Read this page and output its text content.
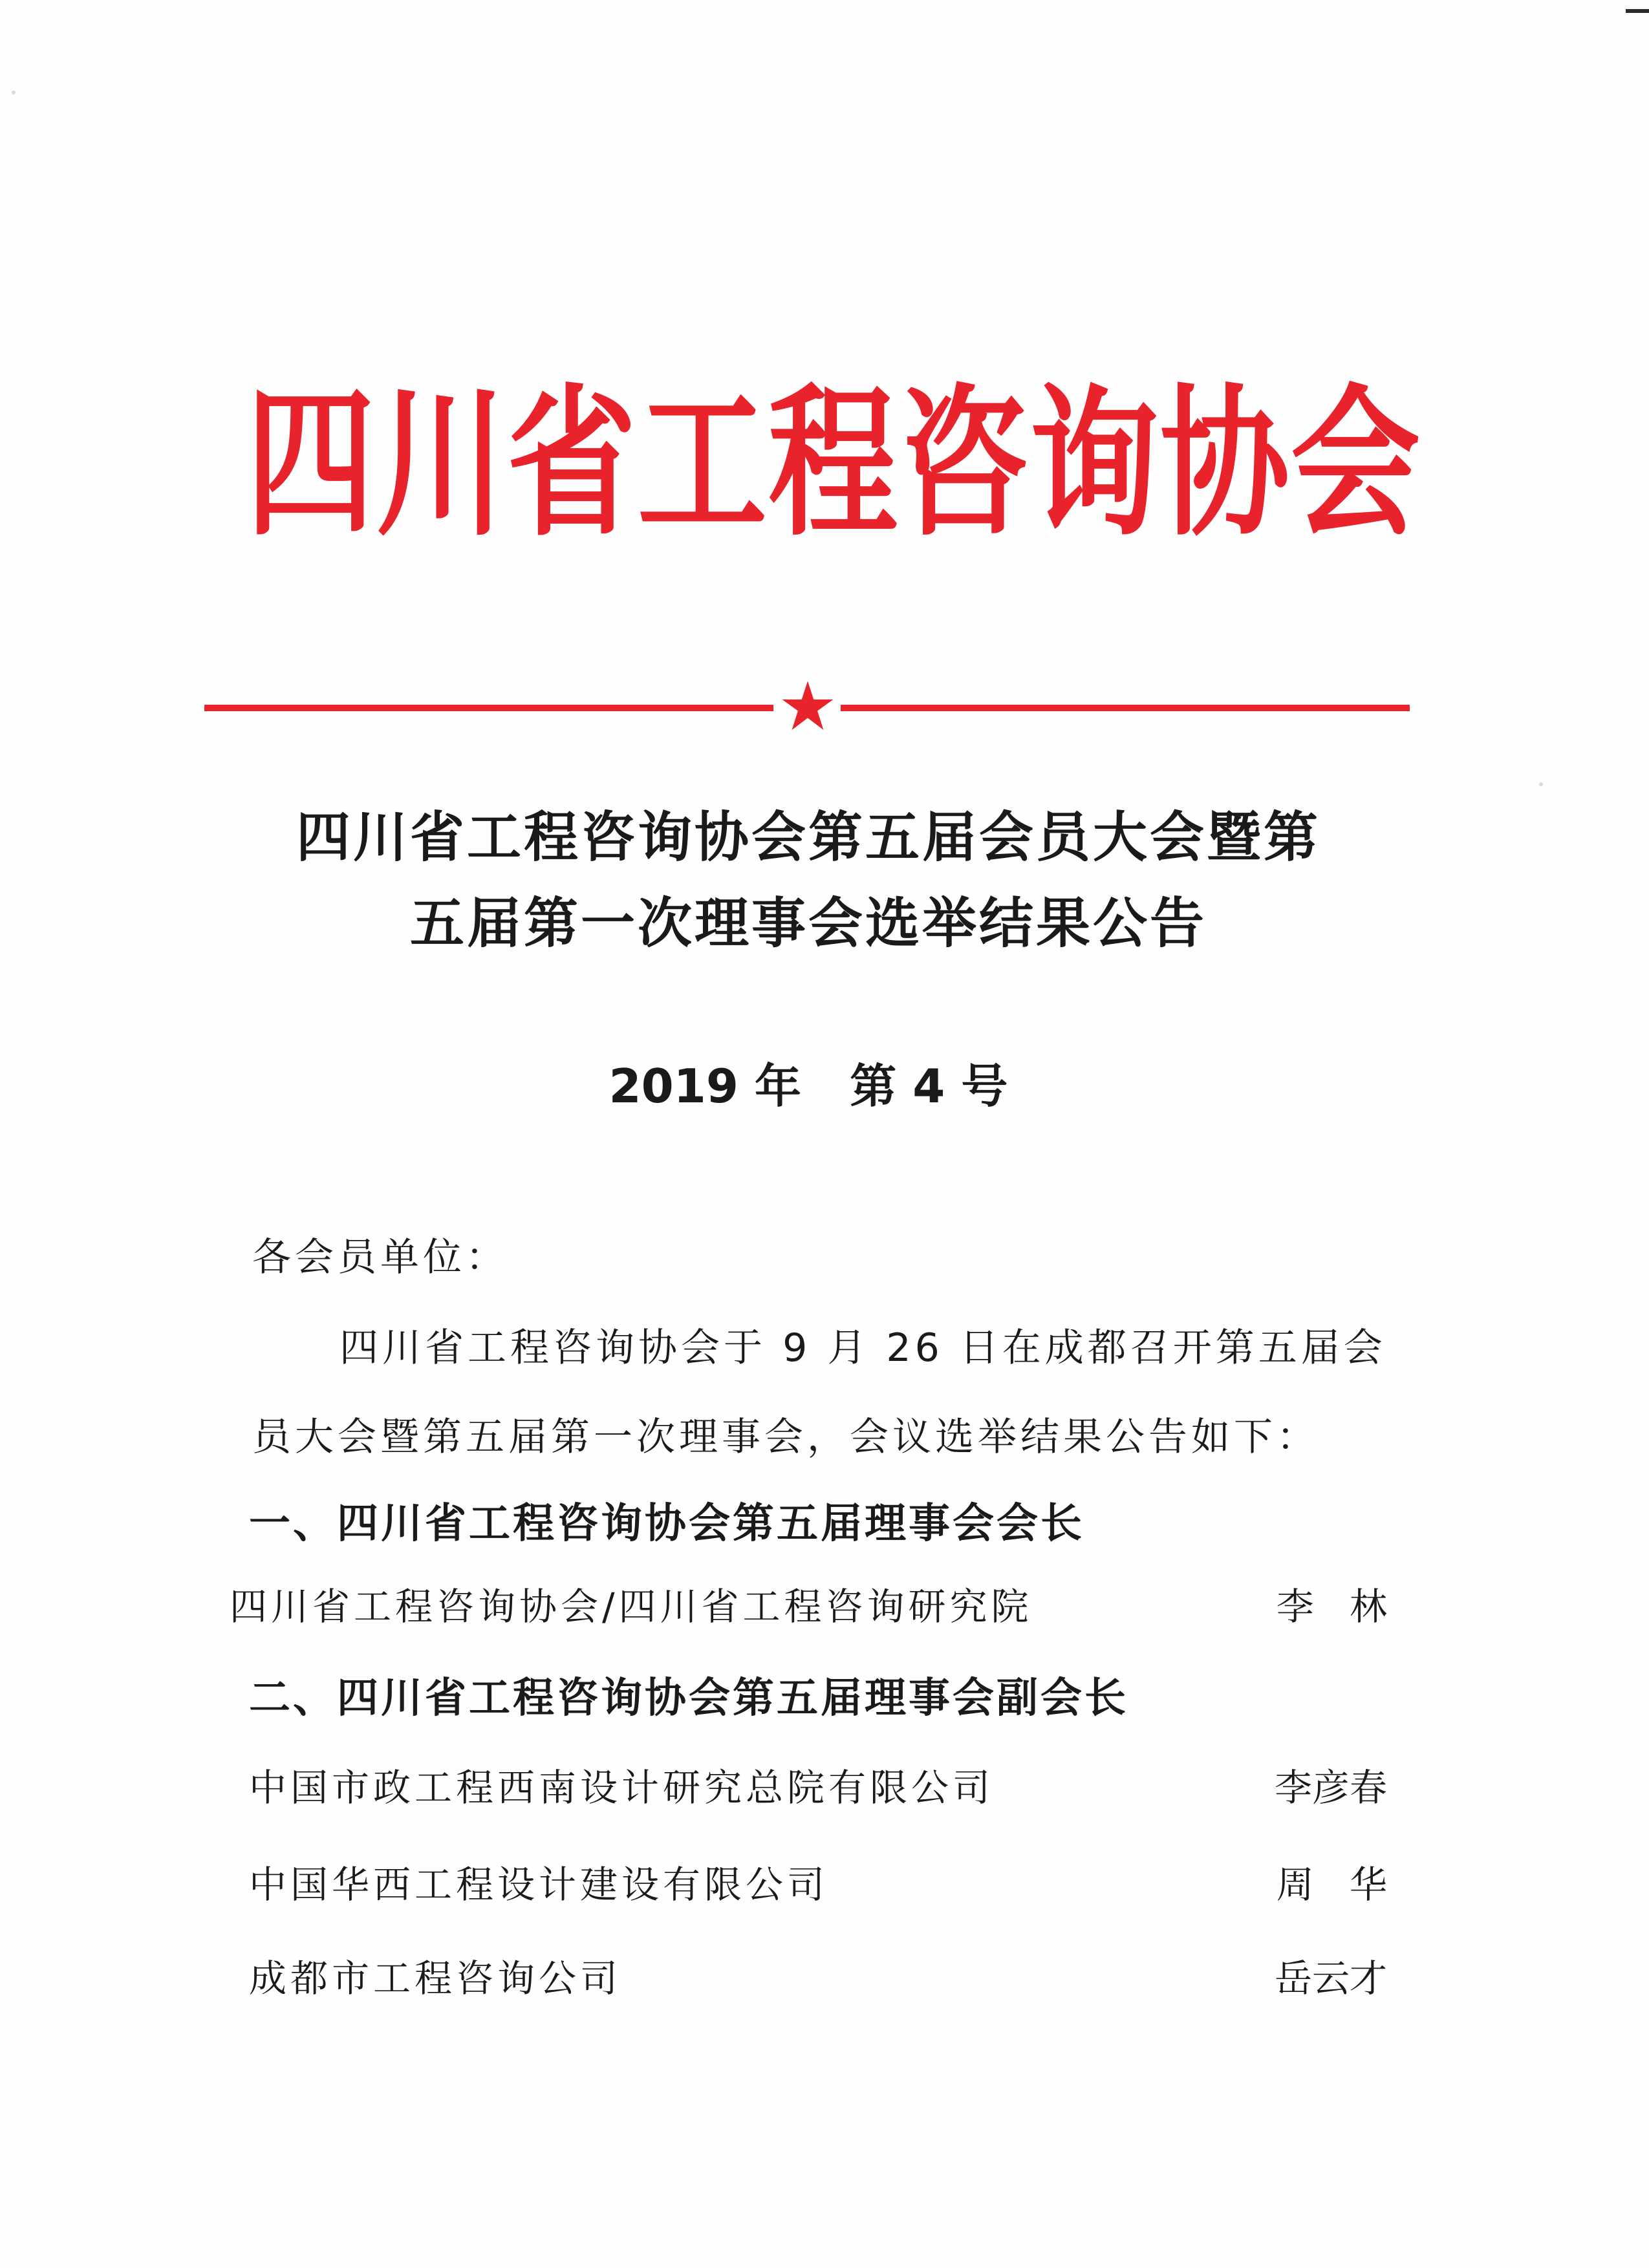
四川省工程咨询协会
四川省工程咨询协会第五届会员大会暨第
五届第一次理事会选举结果公告
2019 年   第 4 号
各会员单位：
四川省工程咨询协会于 9 月 26 日在成都召开第五届会
员大会暨第五届第一次理事会，会议选举结果公告如下：
一、四川省工程咨询协会第五届理事会会长
四川省工程咨询协会/四川省工程咨询研究院	李   林
二、四川省工程咨询协会第五届理事会副会长
中国市政工程西南设计研究总院有限公司	李彦春
中国华西工程设计建设有限公司	周   华
成都市工程咨询公司	岳云才
